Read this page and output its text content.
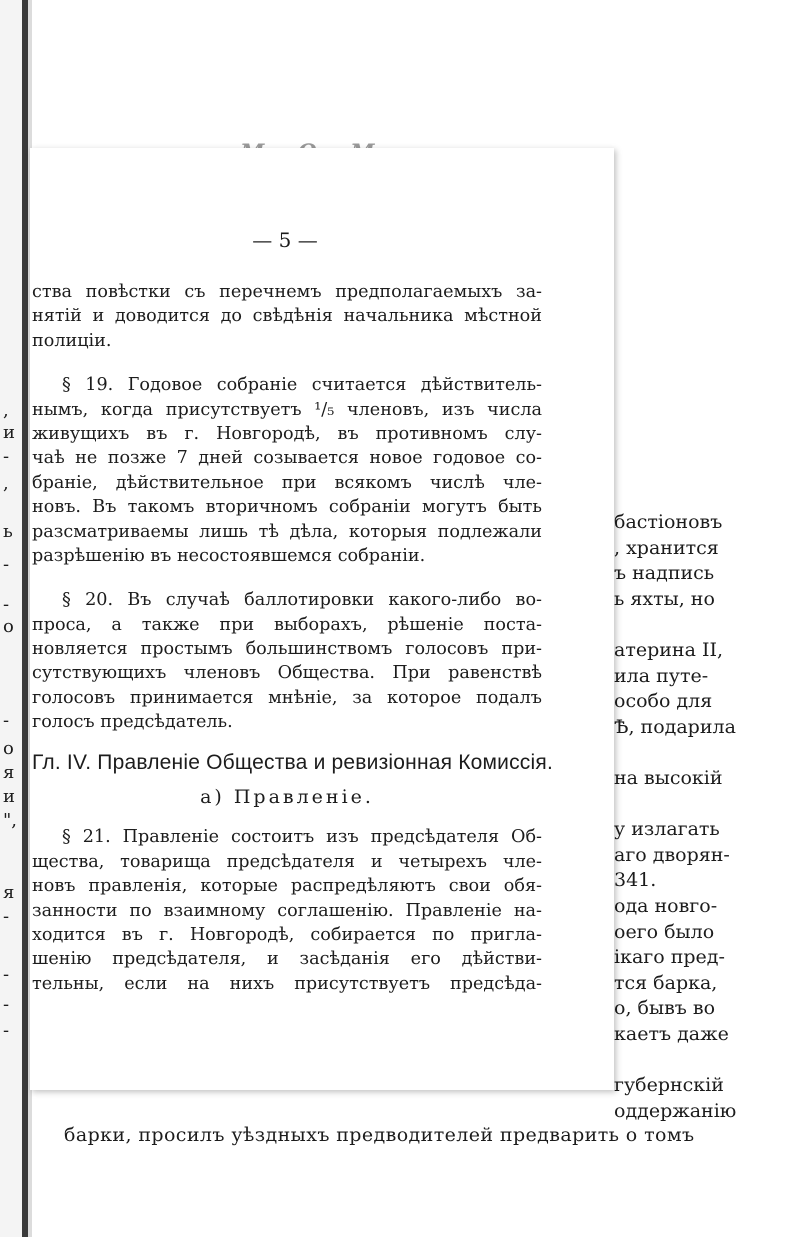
,
и
-
,
ь
-
-
о
-
о
я
и
",
я
-
-
-
-
бастіоновъ
, хранится
ъ надпись
ь яхты, но
атерина II,
ила путе-
особо для
Ѣ, подарила
на высокій
у излагать
аго дворян-
341.
ода новго-
оего было
ікаго пред-
тся барка,
о, бывъ во
каетъ даже
губернскій
оддержанію
барки, просилъ уѣздныхъ предводителей предварить о томъ
— 5 —
ства повѣстки съ перечнемъ предполагаемыхъ за-
нятій и доводится до свѣдѣнія начальника мѣстной
полиціи.
§ 19. Годовое собраніе считается дѣйствитель-
нымъ, когда присутствуетъ ¹/₅ членовъ, изъ числа
живущихъ въ г. Новгородѣ, въ противномъ слу-
чаѣ не позже 7 дней созывается новое годовое со-
браніе, дѣйствительное при всякомъ числѣ чле-
новъ. Въ такомъ вторичномъ собраніи могутъ быть
разсматриваемы лишь тѣ дѣла, которыя подлежали
разрѣшенію въ несостоявшемся собраніи.
§ 20. Въ случаѣ баллотировки какого-либо во-
проса, а также при выборахъ, рѣшеніе поста-
новляется простымъ большинствомъ голосовъ при-
сутствующихъ членовъ Общества. При равенствѣ
голосовъ принимается мнѣніе, за которое подалъ
голосъ предсѣдатель.
Гл. IV. Правленіе Общества и ревизіонная Комиссія.
а) Правленіе.
§ 21. Правленіе состоитъ изъ предсѣдателя Об-
щества, товарища предсѣдателя и четырехъ чле-
новъ правленія, которые распредѣляютъ свои обя-
занности по взаимному соглашенію. Правленіе на-
ходится въ г. Новгородѣ, собирается по пригла-
шенію предсѣдателя, и засѣданія его дѣйстви-
тельны, если на нихъ присутствуетъ предсѣда-
